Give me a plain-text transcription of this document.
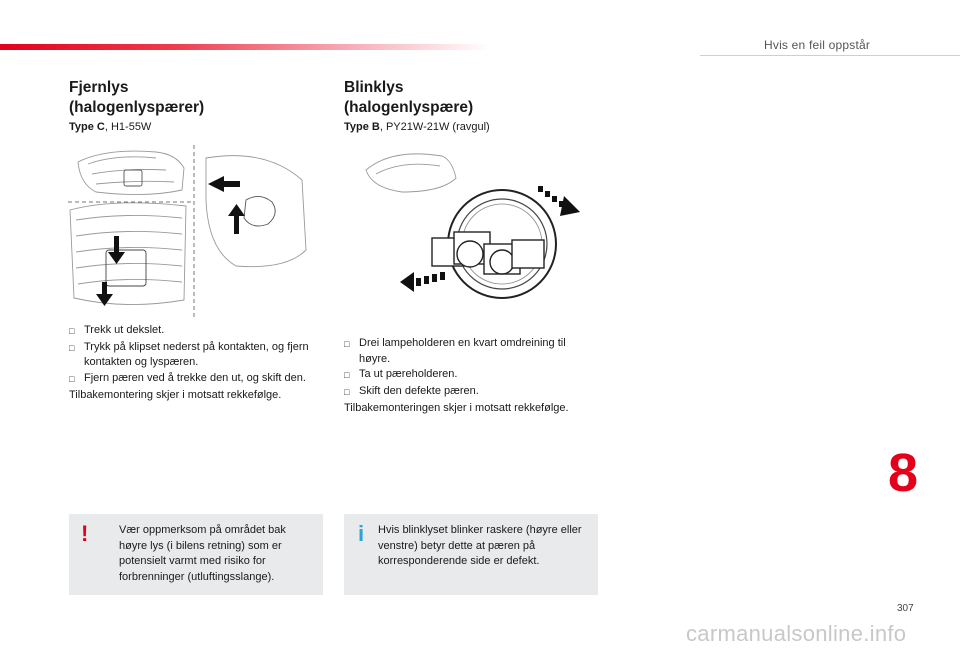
Hvis en feil oppstår
Fjernlys
(halogenlyspærer)
Type C, H1-55W
□ Trekk ut dekslet.
□ Trykk på klipset nederst på kontakten, og fjern kontakten og lyspæren.
□ Fjern pæren ved å trekke den ut, og skift den.
Tilbakemontering skjer i motsatt rekkefølge.
!	Vær oppmerksom på området bak høyre lys (i bilens retning) som er potensielt varmt med risiko for forbrenninger (utluftingsslange).
Blinklys
(halogenlyspære)
Type B, PY21W-21W (ravgul)
□ Drei lampeholderen en kvart omdreining til høyre.
□ Ta ut pæreholderen.
□ Skift den defekte pæren.
Tilbakemonteringen skjer i motsatt rekkefølge.
i Hvis blinklyset blinker raskere (høyre eller venstre) betyr dette at pæren på korresponderende side er defekt.
8
307
carmanualsonline.info
